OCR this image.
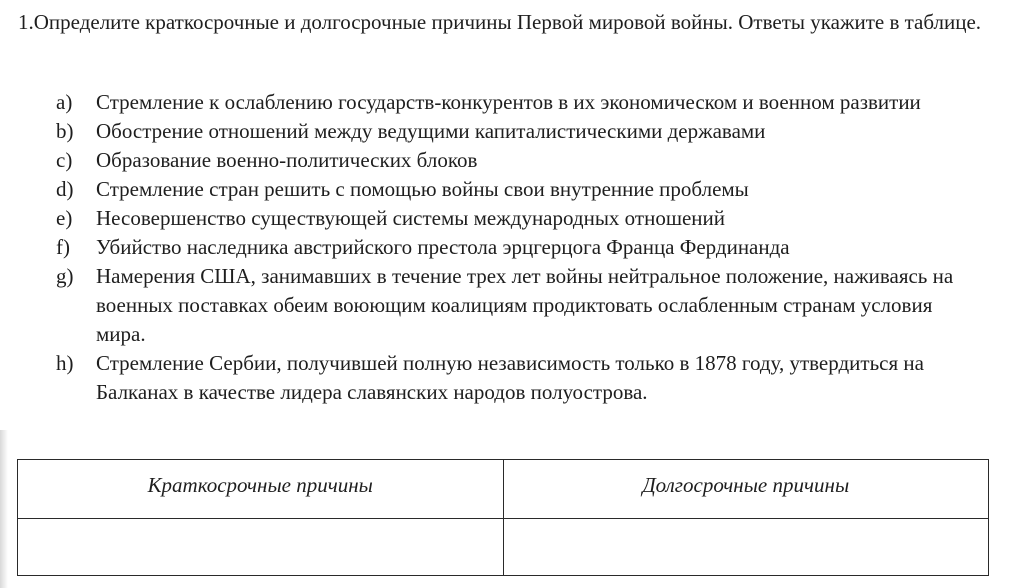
1.Определите краткосрочные и долгосрочные причины Первой мировой войны. Ответы укажите в таблице.

a)	Стремление к ослаблению государств-конкурентов в их экономическом и военном развитии
b)	Обострение отношений между ведущими капиталистическими державами
c)	Образование военно-политических блоков
d)	Стремление стран решить с помощью войны свои внутренние проблемы
e)	Несовершенство существующей системы международных отношений
f)	Убийство наследника австрийского престола эрцгерцога Франца Фердинанда
g)	Намерения США, занимавших в течение трех лет войны нейтральное положение, наживаясь на военных поставках обеим воюющим коалициям продиктовать ослабленным странам условия мира.
h)	Стремление Сербии, получившей полную независимость только в 1878 году, утвердиться на Балканах в качестве лидера славянских народов полуострова.
Краткосрочные причины	Долгосрочные причины
